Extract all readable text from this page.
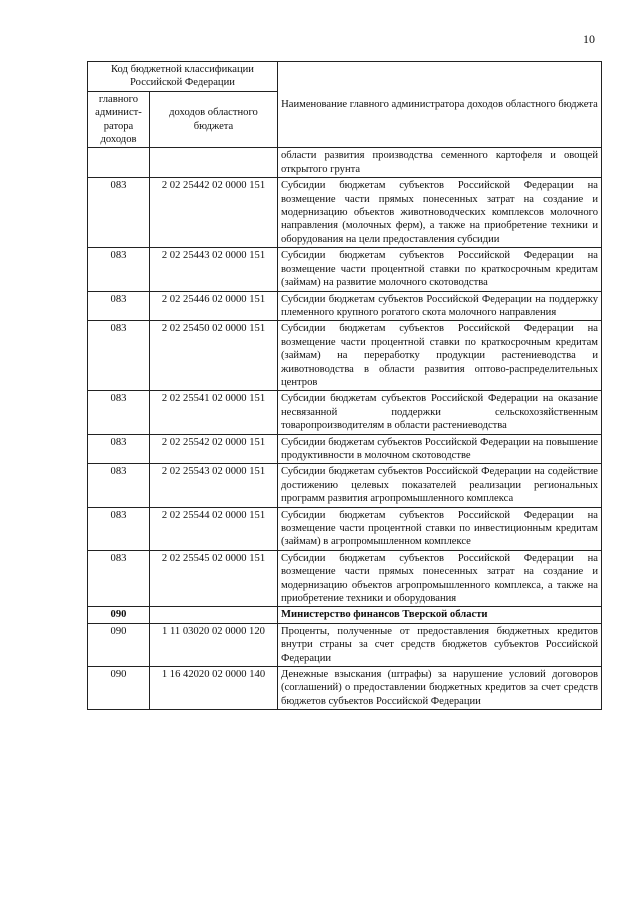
10
Код бюджетной классификации Российской Федерации		Наименование главного администратора доходов областного бюджета
главного админист-ратора доходов	доходов областного бюджета	
		области развития производства семенного картофеля и овощей открытого грунта
083	2 02 25442 02 0000 151	Субсидии бюджетам субъектов Российской Федерации на возмещение части прямых понесенных затрат на создание и модернизацию объектов животноводческих комплексов молочного направления (молочных ферм), а также на приобретение техники и оборудования на цели предоставления субсидии
083	2 02 25443 02 0000 151	Субсидии бюджетам субъектов Российской Федерации на возмещение части процентной ставки по краткосрочным кредитам (займам) на развитие молочного скотоводства
083	2 02 25446 02 0000 151	Субсидии бюджетам субъектов Российской Федерации на поддержку племенного крупного рогатого скота молочного направления
083	2 02 25450 02 0000 151	Субсидии бюджетам субъектов Российской Федерации на возмещение части процентной ставки по краткосрочным кредитам (займам) на переработку продукции растениеводства и животноводства в области развития оптово-распределительных центров
083	2 02 25541 02 0000 151	Субсидии бюджетам субъектов Российской Федерации на оказание несвязанной поддержки сельскохозяйственным товаропроизводителям в области растениеводства
083	2 02 25542 02 0000 151	Субсидии бюджетам субъектов Российской Федерации на повышение продуктивности в молочном скотоводстве
083	2 02 25543 02 0000 151	Субсидии бюджетам субъектов Российской Федерации на содействие достижению целевых показателей реализации региональных программ развития агропромышленного комплекса
083	2 02 25544 02 0000 151	Субсидии бюджетам субъектов Российской Федерации на возмещение части процентной ставки по инвестиционным кредитам (займам) в агропромышленном комплексе
083	2 02 25545 02 0000 151	Субсидии бюджетам субъектов Российской Федерации на возмещение части прямых понесенных затрат на создание и модернизацию объектов агропромышленного комплекса, а также на приобретение техники и оборудования
090		Министерство финансов Тверской области
090	1 11 03020 02 0000 120	Проценты, полученные от предоставления бюджетных кредитов внутри страны за счет средств бюджетов субъектов Российской Федерации
090	1 16 42020 02 0000 140	Денежные взыскания (штрафы) за нарушение условий договоров (соглашений) о предоставлении бюджетных кредитов за счет средств бюджетов субъектов Российской Федерации
